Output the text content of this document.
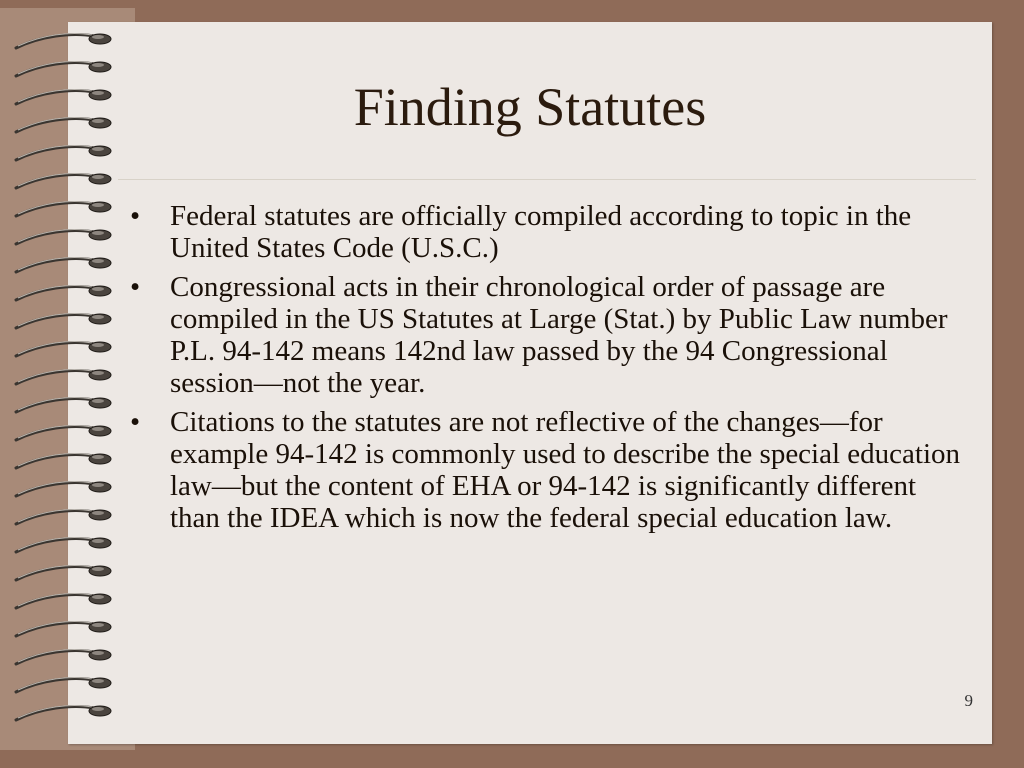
Finding Statutes
• Federal statutes are officially compiled according to topic in the United States Code (U.S.C.)
• Congressional acts in their chronological order of passage are compiled in the US Statutes at Large (Stat.) by Public Law number P.L. 94-142 means 142nd law passed by the 94 Congressional session—not the year.
• Citations to the statutes are not reflective of the changes—for example 94-142 is commonly used to describe the special education law—but the content of EHA or 94-142 is significantly different than the IDEA which is now the federal special education law.
9
